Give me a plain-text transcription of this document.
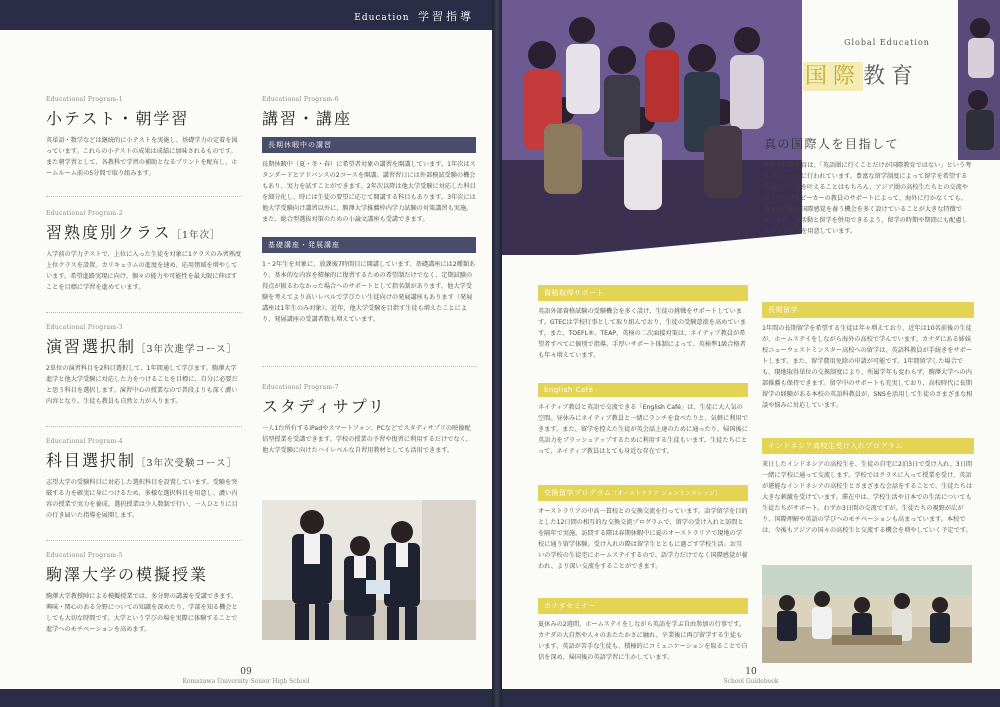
Education 学習指導
Educational Program-1
小テスト・朝学習

英単語・数学などは継続的に小テストを実施し、基礎学力の定着を図っています。これらの小テストの成果は成績に加味されるものです。また朝学習として、各教科で学習の補助となるプリントを配布し、ホームルーム前の5分間で取り組みます。

Educational Program-2
習熟度別クラス［1年次］

入学前の学力テストで、上位に入った生徒を対象に1クラスのみ習熟度上位クラスを設置。カリキュラムの進度を速め、応用領域を増やしています。希望進路実現に向け、個々の能力や可能性を最大限に伸ばすことを目標に学習を進めています。

Educational Program-3
演習選択制［3年次進学コース］

2単位の演習科目を2科目選択して、1年間通して学びます。駒澤大学進学と他大学受験に対応した力をつけることを目標に、自分に必要だと思う科目を選択します。演習中心の授業なので普段よりも深く濃い内容となり、生徒も教員も自然と力が入ります。

Educational Program-4
科目選択制［3年次受験コース］

志望大学の受験科目に対応した選択科目を設置しています。受験を突破する力を確実に身につけるため、多様な選択科目を用意し、濃い内容の授業で実力を養成。選択授業は少人数制で行い、一人ひとりに目の行き届いた指導を展開します。

Educational Program-5
駒澤大学の模擬授業

駒澤大学教授陣による模擬授業では、多分野の講義を受講できます。興味・関心のある分野についての知識を深めたり、学部を知る機会としても大切な時間です。大学という学びの場を実際に体験することで進学へのモチベーションを高めます。

Educational Program-6
講習・講座
長期休暇中の講習

長期休暇中（夏・冬・春）に希望者対象の講習を開講しています。1年次はスタンダードとアドバンスの2コースを開講。講習習日には外部模試受験の機会もあり、実力を試すことができます。2年次以降は他大学受験に対応した科目を細分化し、時には生徒の要望に応じて開講する科目もあります。3年次には他大学受験向け講習以外に、駒澤大学推薦枠内学力試験の対策講習も実施。また、総合型選抜対策のための小論文講座も受講できます。

基礎講座・発展講座

1・2年生を対象に、放課後7時間目に開講しています。基礎講座には2種類あり、基本的な内容を積極的に復習するための希望制だけでなく、定期試験の得点が振るわなかった場合へのサポートとして指名制があります。他大学受験を考えてより高いレベルで学びたい生徒向けの発展講座もあります（発展講座は1年生のみ対象）。近年、他大学受験を目指す生徒も増えたことにより、発展講座の受講者数も増えています。

Educational Program-7
スタディサプリ

一人1台所有するiPadやスマートフォン、PCなどでスタディサプリの映像配信型授業を受講できます。学校の授業の予習や復習に利用するだけでなく、他大学受験に向けたハイレベルな自習用教材としても活用できます。

09
Komazawa University Senior High School
Global Education
国際教育
真の国際人を目指して
本校の国際教育は、「英語圏に行くことだけが国際教育ではない」という考え方をベースに行われています。豊富な留学制度によって留学を希望する生徒のニーズを叶えることはもちろん、アジア圏の高校生たちとの交流やネイティブスピーカーの教員のサポートによって、海外に行かなくても、真文化理解や国際感覚を養う機会を多く設けていることが大きな特徴です。また、部活動と留学を併用できるよう、留学の時期や期間にも配慮したプログラムを用意しています。
資格取得サポート

英語外部資格試験の受験機会を多く設け、生徒の挑戦をサポートしています。GTECは学校行事として取り組んでおり、生徒の受験意欲を高めています。また、TOEFL®、TEAP、英検の二次面接対策は、ネイティブ教員が希望者すべてに個別で指導。手厚いサポート体制によって、英検準1級合格者も年々増えています。

English Café

ネイティブ教員と英語で交流できる「English Café」は、生徒に大人気の空間。昼休みにネイティブ教員と一緒にランチを食べたりと、気軽に利用できます。また、留学を控えた生徒が英会話上達のために通ったり、帰国後に英語力をブラッシュアップするために利用する生徒もいます。生徒たちにとって、ネイティブ教員はとても身近な存在です。

交換留学プログラム［オーストラリア ジョンリンカレッジ］

オーストラリアの中高一貫校との交換交流を行っています。語学留学を目的とした12日間の相互的な交換交流プログラムで、留学の受け入れと訪問とを隔年で実施。訪問する際は春期休暇中に夏のオーストラリアで現地の学校に通う留学体験。受け入れの際は留学生とともに過ごす学校生活。お互いの学校の生徒宅にホームステイするので、語学力だけでなく国際感覚が養われ、より深い交流をすることができます。

カナダセミナー

夏休みの2週間、ホームステイをしながら英語を学ぶ自由参加の行事です。カナダの大自然や人々のあたたかさに触れ、卒業後に再び留学する生徒もいます。英語が苦手な生徒も、積極的にコミュニケーションを取ることで自信を深め、帰国後の英語学習に生かしています。

長期留学

1年間の長期留学を希望する生徒は年々増えており、近年は10名前後の生徒が、ホームステイをしながら海外の高校で学んでいます。カナダにある姉妹校ニューウェストミンスター高校への留学は、英語科教員が手続きをサポートします。また、留学費用免除の申請が可能です。1年間留学した場合でも、現地取得単位の交換制度により、所属学年も変わらず、駒澤大学への内部推薦も保持できます。留学中のサポートも充実しており、高校時代に長期留学の経験がある本校の英語科教員が、SNSを活用して生徒のさまざまな相談や悩みに対応しています。

インドネシア高校生受け入れプログラム

来日したインドネシアの高校生を、生徒の自宅に2泊3日で受け入れ、3日間一緒に学校に通って交流します。学校ではクラスに入って授業を受け、英語が堪能なインドネシアの高校生とさまざまな会話をすることで、生徒たちは大きな刺激を受けています。滞在中は、学校生活や日本での生活についても生徒たちがサポート。わずか3日間の交流ですが、生徒たちの視野が広がり、国際理解や英語の学びへのモチベーションも高まっています。本校では、今後もアジアの国々の高校生と交流する機会を増やしていく予定です。

10
School Guidebook
